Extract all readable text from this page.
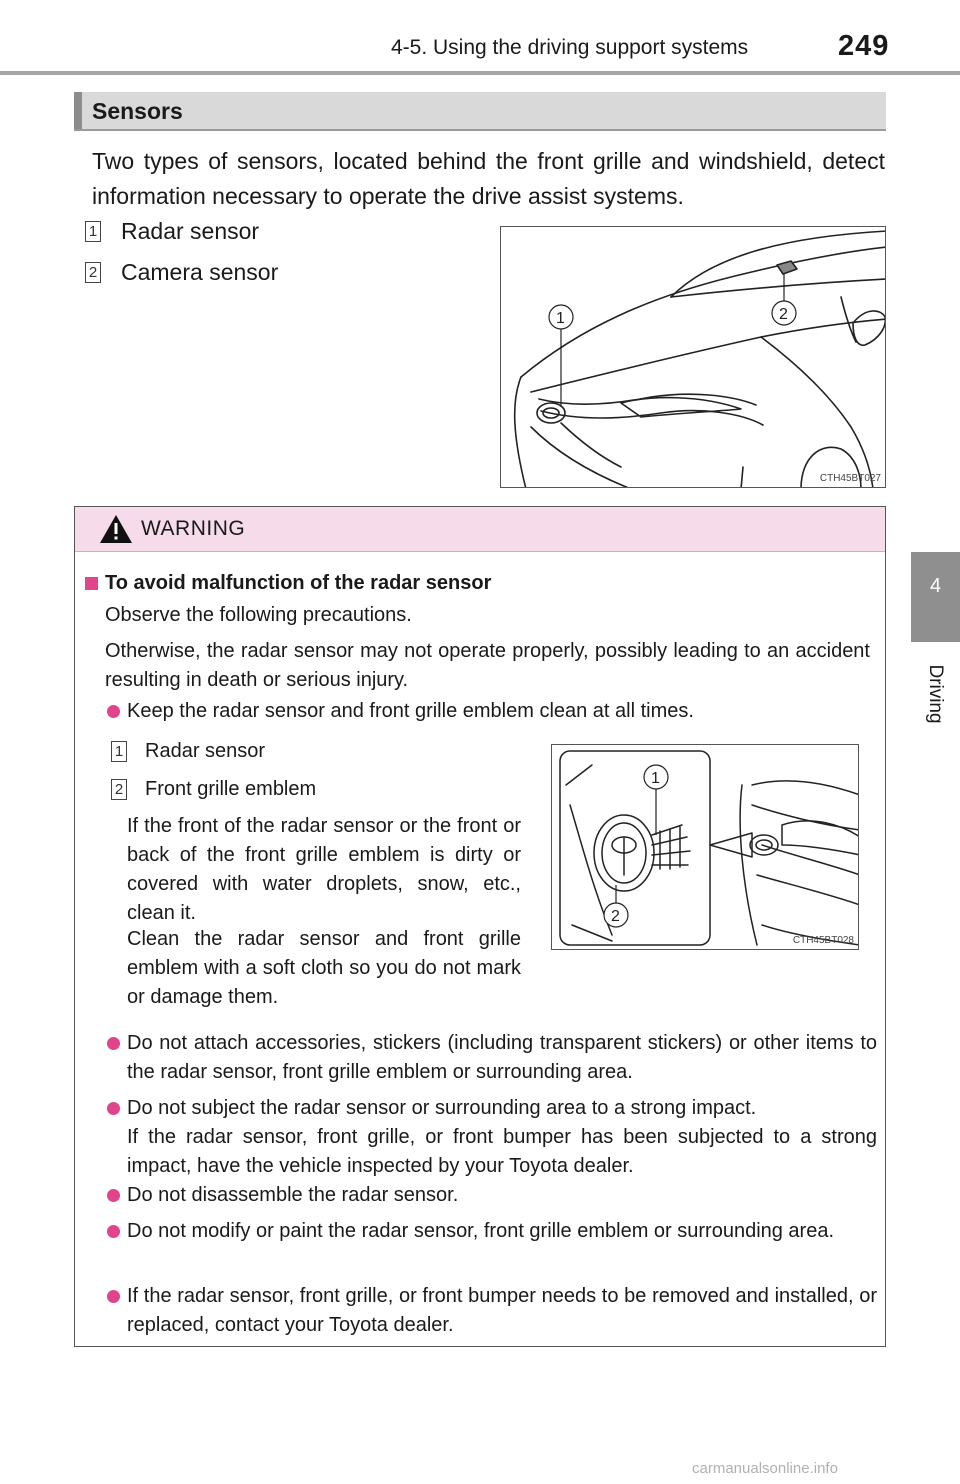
4-5. Using the driving support systems	249
4
Driving
Sensors
Two types of sensors, located behind the front grille and windshield, detect information necessary to operate the drive assist systems.
1 Radar sensor
2 Camera sensor
1	2
CTH45BT027
WARNING
To avoid malfunction of the radar sensor
Observe the following precautions.
Otherwise, the radar sensor may not operate properly, possibly leading to an accident resulting in death or serious injury.
Keep the radar sensor and front grille emblem clean at all times.
1 Radar sensor
2 Front grille emblem
If the front of the radar sensor or the front or back of the front grille emblem is dirty or covered with water droplets, snow, etc., clean it.
Clean the radar sensor and front grille emblem with a soft cloth so you do not mark or damage them.
1
2
CTH45BT028
Do not attach accessories, stickers (including transparent stickers) or other items to the radar sensor, front grille emblem or surrounding area.
Do not subject the radar sensor or surrounding area to a strong impact.
If the radar sensor, front grille, or front bumper has been subjected to a strong impact, have the vehicle inspected by your Toyota dealer.
Do not disassemble the radar sensor.
Do not modify or paint the radar sensor, front grille emblem or surrounding area.
If the radar sensor, front grille, or front bumper needs to be removed and installed, or replaced, contact your Toyota dealer.
carmanualsonline.info
